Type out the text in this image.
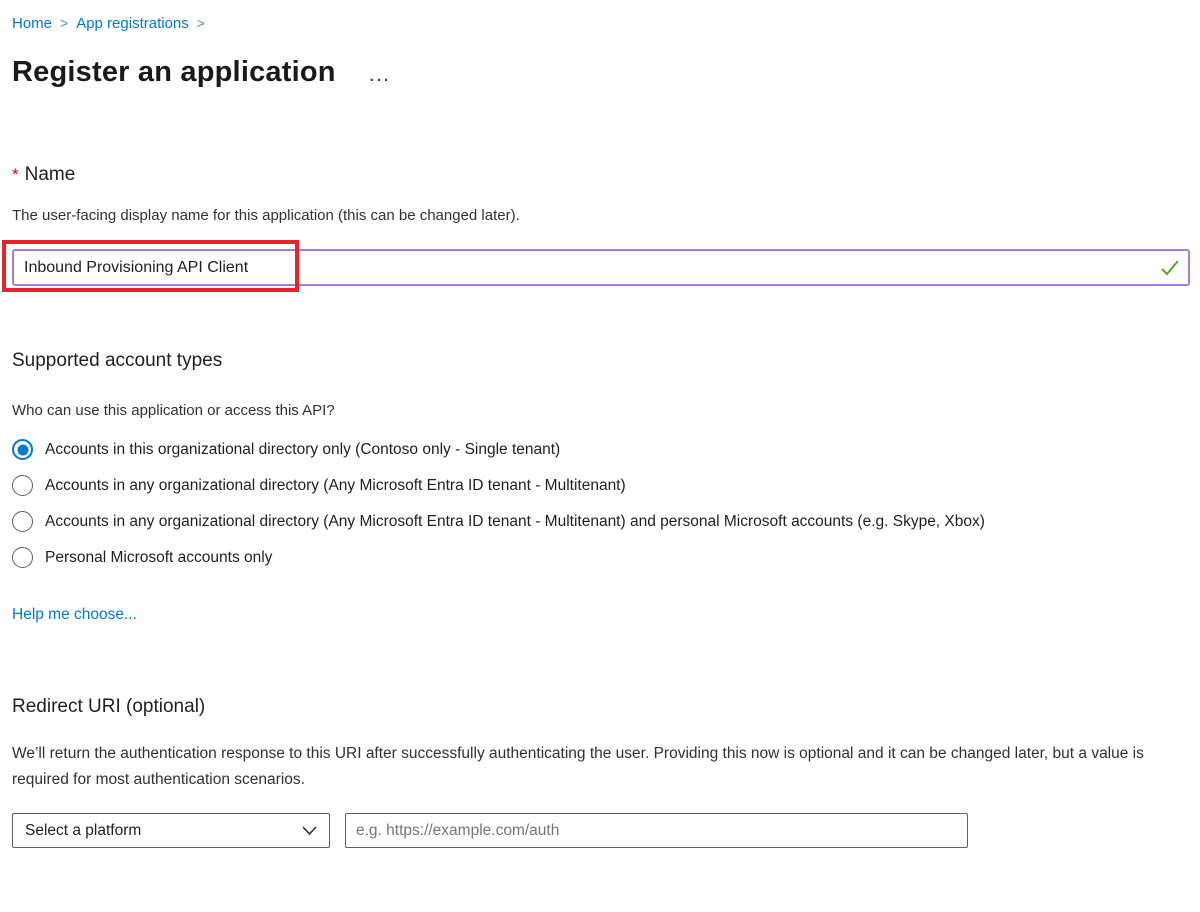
Home > App registrations >
Register an application ...
* Name

The user-facing display name for this application (this can be changed later).

Inbound Provisioning API Client
Supported account types

Who can use this application or access this API?

Accounts in this organizational directory only (Contoso only - Single tenant)
Accounts in any organizational directory (Any Microsoft Entra ID tenant - Multitenant)
Accounts in any organizational directory (Any Microsoft Entra ID tenant - Multitenant) and personal Microsoft accounts (e.g. Skype, Xbox)
Personal Microsoft accounts only
Help me choose...
Redirect URI (optional)

We’ll return the authentication response to this URI after successfully authenticating the user. Providing this now is optional and it can be changed later, but a value is required for most authentication scenarios.

Select a platform
e.g. https://example.com/auth
